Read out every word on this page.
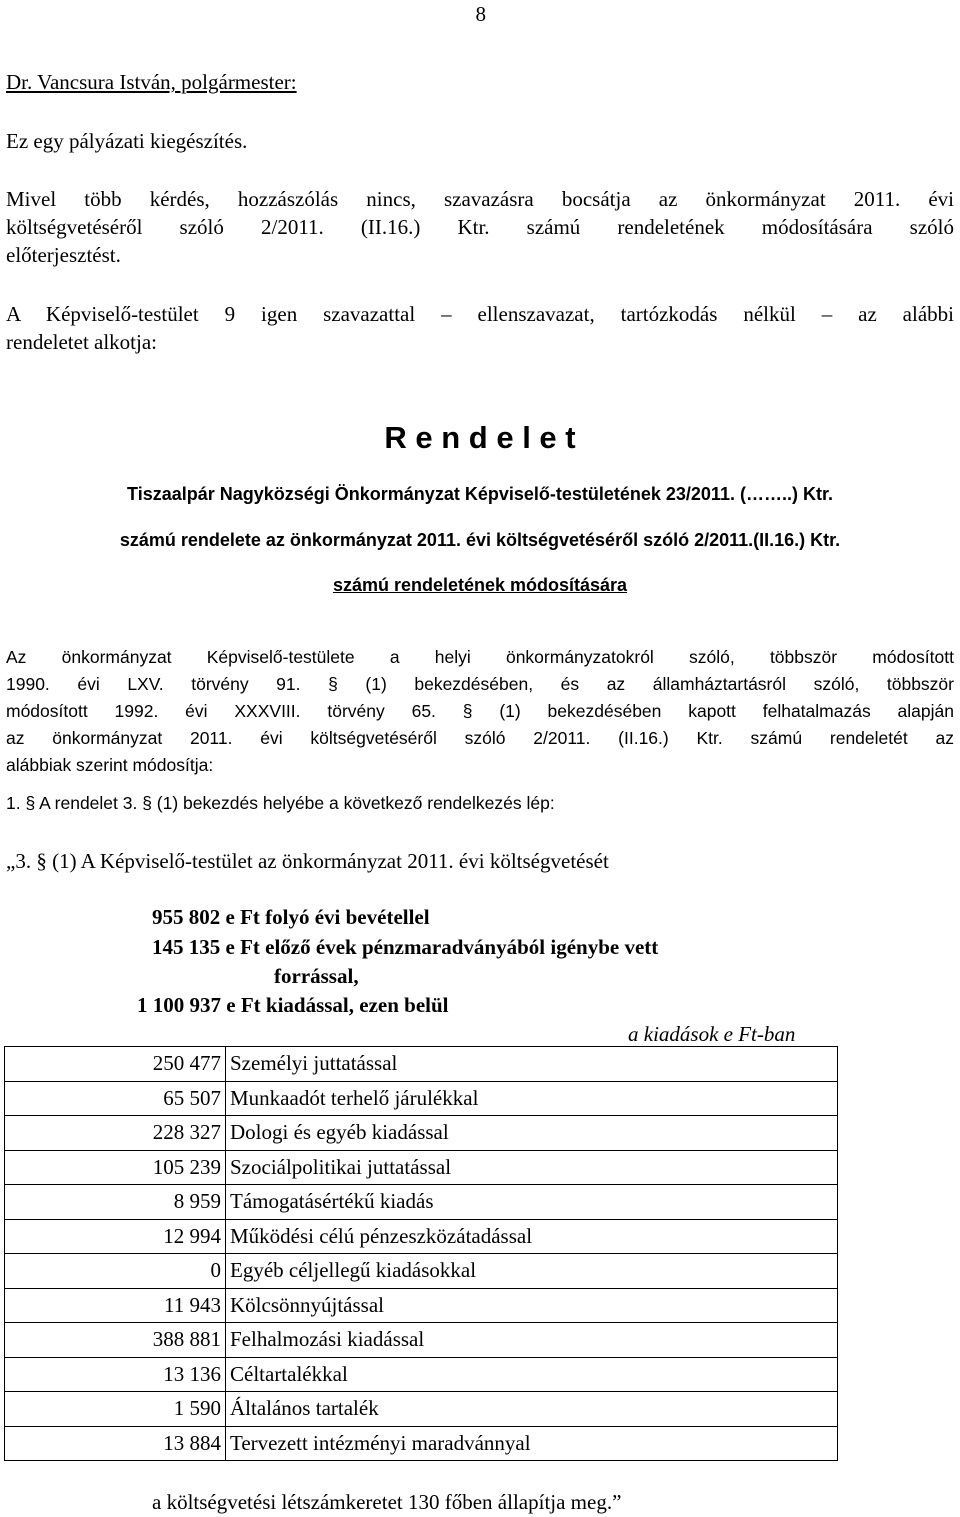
8
Dr. Vancsura István, polgármester:
Ez egy pályázati kiegészítés.
Mivel több kérdés, hozzászólás nincs, szavazásra bocsátja az önkormányzat 2011. évi
költségvetéséről szóló 2/2011. (II.16.) Ktr. számú rendeletének módosítására szóló
előterjesztést.
A Képviselő-testület 9 igen szavazattal – ellenszavazat, tartózkodás nélkül – az alábbi
rendeletet alkotja:
R e n d e l e t
Tiszaalpár Nagyközségi Önkormányzat Képviselő-testületének 23/2011. (……..) Ktr.
számú rendelete az önkormányzat 2011. évi költségvetéséről szóló 2/2011.(II.16.) Ktr.
számú rendeletének módosítására
Az önkormányzat Képviselő-testülete a helyi önkormányzatokról szóló, többször módosított
1990. évi LXV. törvény 91. § (1) bekezdésében, és az államháztartásról szóló, többször
módosított 1992. évi XXXVIII. törvény 65. § (1) bekezdésében kapott felhatalmazás alapján
az önkormányzat 2011. évi költségvetéséről szóló 2/2011. (II.16.) Ktr. számú rendeletét az
alábbiak szerint módosítja:
1. § A rendelet 3. § (1) bekezdés helyébe a következő rendelkezés lép:
„3. § (1) A Képviselő-testület az önkormányzat 2011. évi költségvetését
955 802 e Ft folyó évi bevétellel
145 135 e Ft előző évek pénzmaradványából igénybe vett
forrással,
1 100 937 e Ft kiadással, ezen belül
a kiadások e Ft-ban
250 477	Személyi juttatással
65 507	Munkaadót terhelő járulékkal
228 327	Dologi és egyéb kiadással
105 239	Szociálpolitikai juttatással
8 959	Támogatásértékű kiadás
12 994	Működési célú pénzeszközátadással
0	Egyéb céljellegű kiadásokkal
11 943	Kölcsönnyújtással
388 881	Felhalmozási kiadással
13 136	Céltartalékkal
1 590	Általános tartalék
13 884	Tervezett intézményi maradvánnyal
a költségvetési létszámkeretet 130 főben állapítja meg.”
